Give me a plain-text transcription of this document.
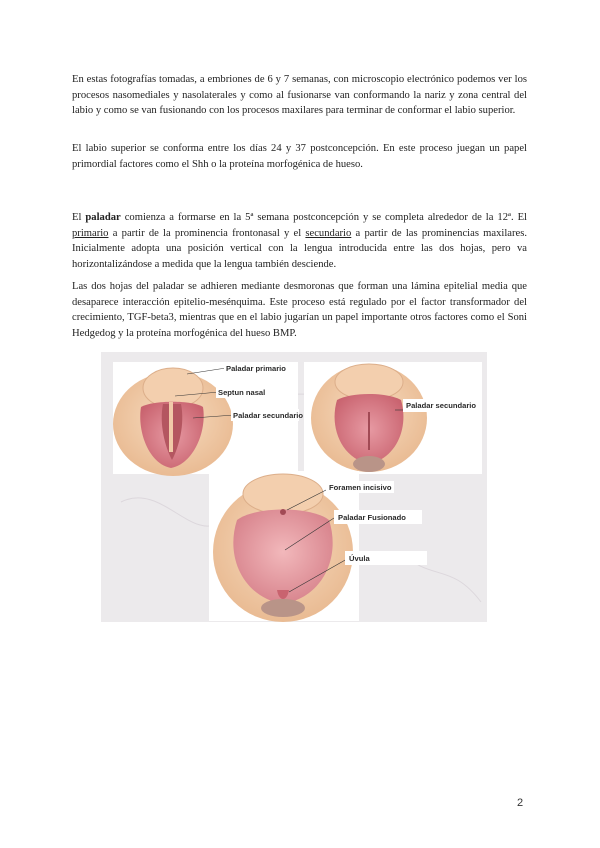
En estas fotografías tomadas, a embriones de 6 y 7 semanas, con microscopio electrónico podemos ver los procesos nasomediales y nasolaterales y como al fusionarse van conformando la nariz y zona central del labio y como se van fusionando con los procesos maxilares para terminar de conformar el labio superior.

El labio superior se conforma entre los días 24 y 37 postconcepción. En este proceso juegan un papel primordial factores como el Shh o la proteína morfogénica de hueso.

El paladar comienza a formarse en la 5ª semana postconcepción y se completa alrededor de la 12ª. El primario a partir de la prominencia frontonasal y el secundario a partir de las prominencias maxilares. Inicialmente adopta una posición vertical con la lengua introducida entre las dos hojas, pero va horizontalizándose a medida que la lengua también desciende.

Las dos hojas del paladar se adhieren mediante desmoronas que forman una lámina epitelial media que desaparece interacción epitelio-mesénquima. Este proceso está regulado por el factor transformador del crecimiento, TGF-beta3, mientras que en el labio jugarían un papel importante otros factores como el Soni Hedgedog y la proteína morfogénica del hueso BMP.

Paladar primario
Septun nasal
Paladar secundario
Paladar secundario
Foramen incisivo
Paladar Fusionado
Úvula
2
